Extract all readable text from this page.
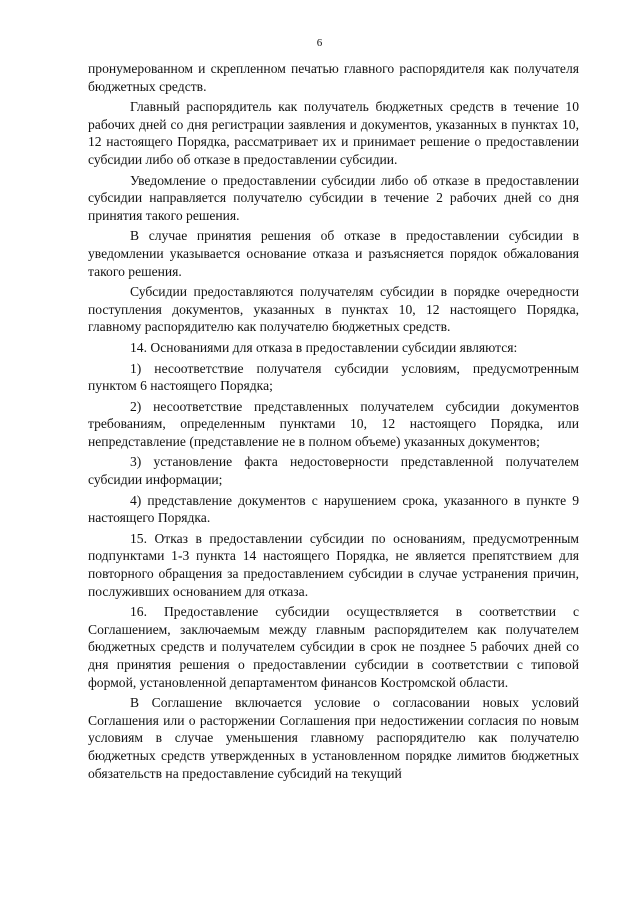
6

пронумерованном и скрепленном печатью главного распорядителя как получателя бюджетных средств.

Главный распорядитель как получатель бюджетных средств в течение 10 рабочих дней со дня регистрации заявления и документов, указанных в пунктах 10, 12 настоящего Порядка, рассматривает их и принимает решение о предоставлении субсидии либо об отказе в предоставлении субсидии.

Уведомление о предоставлении субсидии либо об отказе в предоставлении субсидии направляется получателю субсидии в течение 2 рабочих дней со дня принятия такого решения.

В случае принятия решения об отказе в предоставлении субсидии в уведомлении указывается основание отказа и разъясняется порядок обжалования такого решения.

Субсидии предоставляются получателям субсидии в порядке очередности поступления документов, указанных в пунктах 10, 12 настоящего Порядка, главному распорядителю как получателю бюджетных средств.

14. Основаниями для отказа в предоставлении субсидии являются:

1) несоответствие получателя субсидии условиям, предусмотренным пунктом 6 настоящего Порядка;

2) несоответствие представленных получателем субсидии документов требованиям, определенным пунктами 10, 12 настоящего Порядка, или непредставление (представление не в полном объеме) указанных документов;

3) установление факта недостоверности представленной получателем субсидии информации;

4) представление документов с нарушением срока, указанного в пункте 9 настоящего Порядка.

15. Отказ в предоставлении субсидии по основаниям, предусмотренным подпунктами 1-3 пункта 14 настоящего Порядка, не является препятствием для повторного обращения за предоставлением субсидии в случае устранения причин, послуживших основанием для отказа.

16. Предоставление субсидии осуществляется в соответствии с Соглашением, заключаемым между главным распорядителем как получателем бюджетных средств и получателем субсидии в срок не позднее 5 рабочих дней со дня принятия решения о предоставлении субсидии в соответствии с типовой формой, установленной департаментом финансов Костромской области.

В Соглашение включается условие о согласовании новых условий Соглашения или о расторжении Соглашения при недостижении согласия по новым условиям в случае уменьшения главному распорядителю как получателю бюджетных средств утвержденных в установленном порядке лимитов бюджетных обязательств на предоставление субсидий на текущий
